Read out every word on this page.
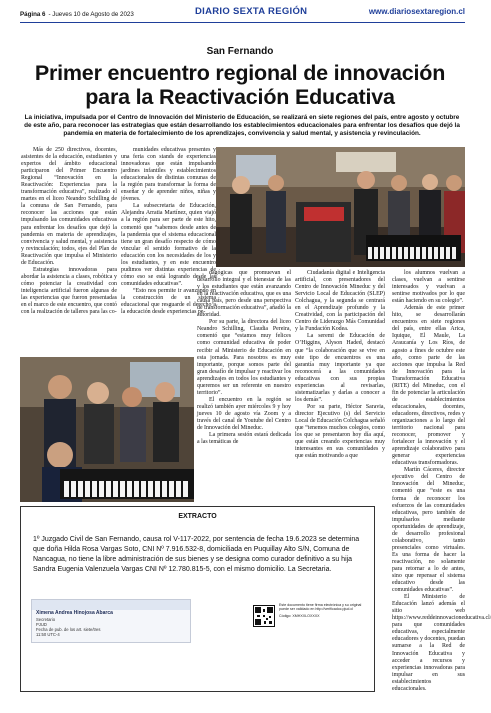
Página 6 - Jueves 10 de Agosto de 2023	DIARIO SEXTA REGIÓN	www.diariosextaregion.cl
San Fernando
Primer encuentro regional de innovación
para la Reactivación Educativa
La iniciativa, impulsada por el Centro de Innovación del Ministerio de Educación, se realizará en siete regiones del país, entre agosto y octubre de este año, para reconocer las estrategias que están desarrollando los establecimientos educacionales para enfrentar los desafíos que dejó la pandemia en materia de fortalecimiento de los aprendizajes, convivencia y salud mental, y asistencia y revinculación.

Más de 250 directivos, docentes, asistentes de la educación, estudiantes y expertos del ámbito educacional participaron del Primer Encuentro Regional “Innovación en la Reactivación: Experiencias para la transformación educativa”, realizado el martes en el liceo Neandro Schilling de la comuna de San Fernando, para reconocer las acciones que están impulsando las comunidades educativas para enfrentar los desafíos que dejó la pandemia en materia de aprendizajes, convivencia y salud mental, y asistencia y revinculación; todos, ejes del Plan de Reactivación que impulsa el Ministerio de Educación.

Estrategias innovadoras para abordar la asistencia a clases, robótica y cómo potenciar la creatividad con inteligencia artificial fueron algunas de las experiencias que fueron presentadas en el marco de este encuentro, que contó con la realización de talleres para las co-

munidades educativas presentes y una feria con stands de experiencias innovadoras que están impulsando jardines infantiles y establecimientos educacionales de distintas comunas de la región para transformar la forma de enseñar y de aprender niños, niñas y jóvenes.

La subsecretaria de Educación, Alejandra Arratia Martínez, quien viajó a la región para ser parte de este hito, comentó que “sabemos desde antes de la pandemia que el sistema educacional tiene un gran desafío respecto de cómo vincular el sentido formativo de la educación con los necesidades de los y los estudiantes, y en este encuentro pudimos ver distintas experiencias de cómo eso se está logrando desde las comunidades educativas”.

“Esto nos permite ir avanzando en la construcción de un sistema educacional que resguarde el derecho a la educación desde experiencias pe-

dagógicas que promuevan el desarrollo integral y el bienestar de las y los estudiantes que están avanzando en la reactivación educativa, que es una causa país, pero desde una perspectiva de transformación educativa”, añadió la autoridad.

Por su parte, la directora del liceo Neandro Schilling, Claudia Pereira, comentó que “estamos muy felices como comunidad educativa de poder recibir al Ministerio de Educación en esta jornada. Para nosotros es muy importante, porque somos parte del gran desafío de impulsar y reactivar los aprendizajes en todos los estudiantes y queremos ser un referente en nuestro territorio”.

El encuentro en la región se realizó también ayer miércoles 9 y hoy jueves 10 de agosto vía Zoom y a través del canal de Youtube del Centro de Innovación del Mineduc.

La primera sesión estará dedicada a las temáticas de

Ciudadanía digital e Inteligencia artificial, con presentadores del Centro de Innovación Mineduc y del Servicio Local de Educación (SLEP) Colchagua, y la segunda se centrará en el Aprendizaje profundo y la Creatividad, con la participación del Centro de Liderazgo Más Comunidad y la Fundación Kodea.

La seremi de Educación de O’Higgins, Alyson Haded, destacó que “la colaboración que se vive en este tipo de encuentros es una garantía muy importante ya que reconocerá a las comunidades educativas con sus propias experiencias al revisarlas, sistematizarlas y darlas a conocer a los demás”.

Por su parte, Héctor Saravia, director Ejecutivo (s) del Servicio Local de Educación Colchagua señaló que “tenemos muchos colegios, como los que se presentaron hoy día aquí, que están creando experiencias muy interesantes en sus comunidades y que están motivando a que

los alumnos vuelvan a clases, vuelvan a sentirse interesados y vuelvan a sentirse motivados por lo que están haciendo en su colegio”.

Además de este primer hito, se desarrollarán encuentros en siete regiones del país, entre ellas Arica, Iquique, El Maule, La Araucanía y Los Ríos, de agosto a fines de octubre este año, como parte de las acciones que impulsa la Red de Innovación para la Transformación Educativa (RITE) del Mineduc, con el fin de potenciar la articulación de establecimientos educacionales, docentes, educadores, directivos, redes y organizaciones a lo largo del territorio nacional para reconocer, promover y fortalecer la innovación y el aprendizaje colaborativo para generar experiencias educativas transformadoras.

Martín Cáceres, director ejecutivo del Centro de Innovación del Mineduc, comentó que “este es una forma de reconocer los esfuerzos de las comunidades educativas, pero también de impulsarlos mediante oportunidades de aprendizaje, de desarrollo profesional colaborativo, tanto presenciales como virtuales. Es una forma de hacer la reactivación, no solamente para retornar a lo de antes, sino que repensar el sistema educativo desde las comunidades educativas”.

El Ministerio de Educación lanzó además el sitio web https://www.reddeinnovacioneducativa.cl/ para que comunidades educativas, especialmente educadores y docentes, puedan sumarse a la Red de Innovación Educativa y acceder a recursos y experiencias innovadoras para impulsar en sus establecimientos educacionales.

EXTRACTO
1º Juzgado Civil de San Fernando, causa rol V-117-2022, por sentencia de fecha 19.6.2023 se determina que doña Hilda Rosa Vargas Soto, CNI Nº 7.916.532-8, domiciliada en Puquillay Alto S/N, Comuna de Nancagua, no tiene la libre administración de sus bienes y se designa como curador definitivo a su hija Sandra Eugenia Valenzuela Vargas CNI Nº 12.780.815-5, con el mismo domicilio. La Secretaria.
Ximena Andrea Hinojosa Abarca
Secretario
PJUD
Fecha de pub. de los art. siete/tres
11:50 UTC-4
Este documento tiene firma electrónica y su original puede ser validado en http://verificadoc.pjud.cl
Código: XMHXXLOXXXX
